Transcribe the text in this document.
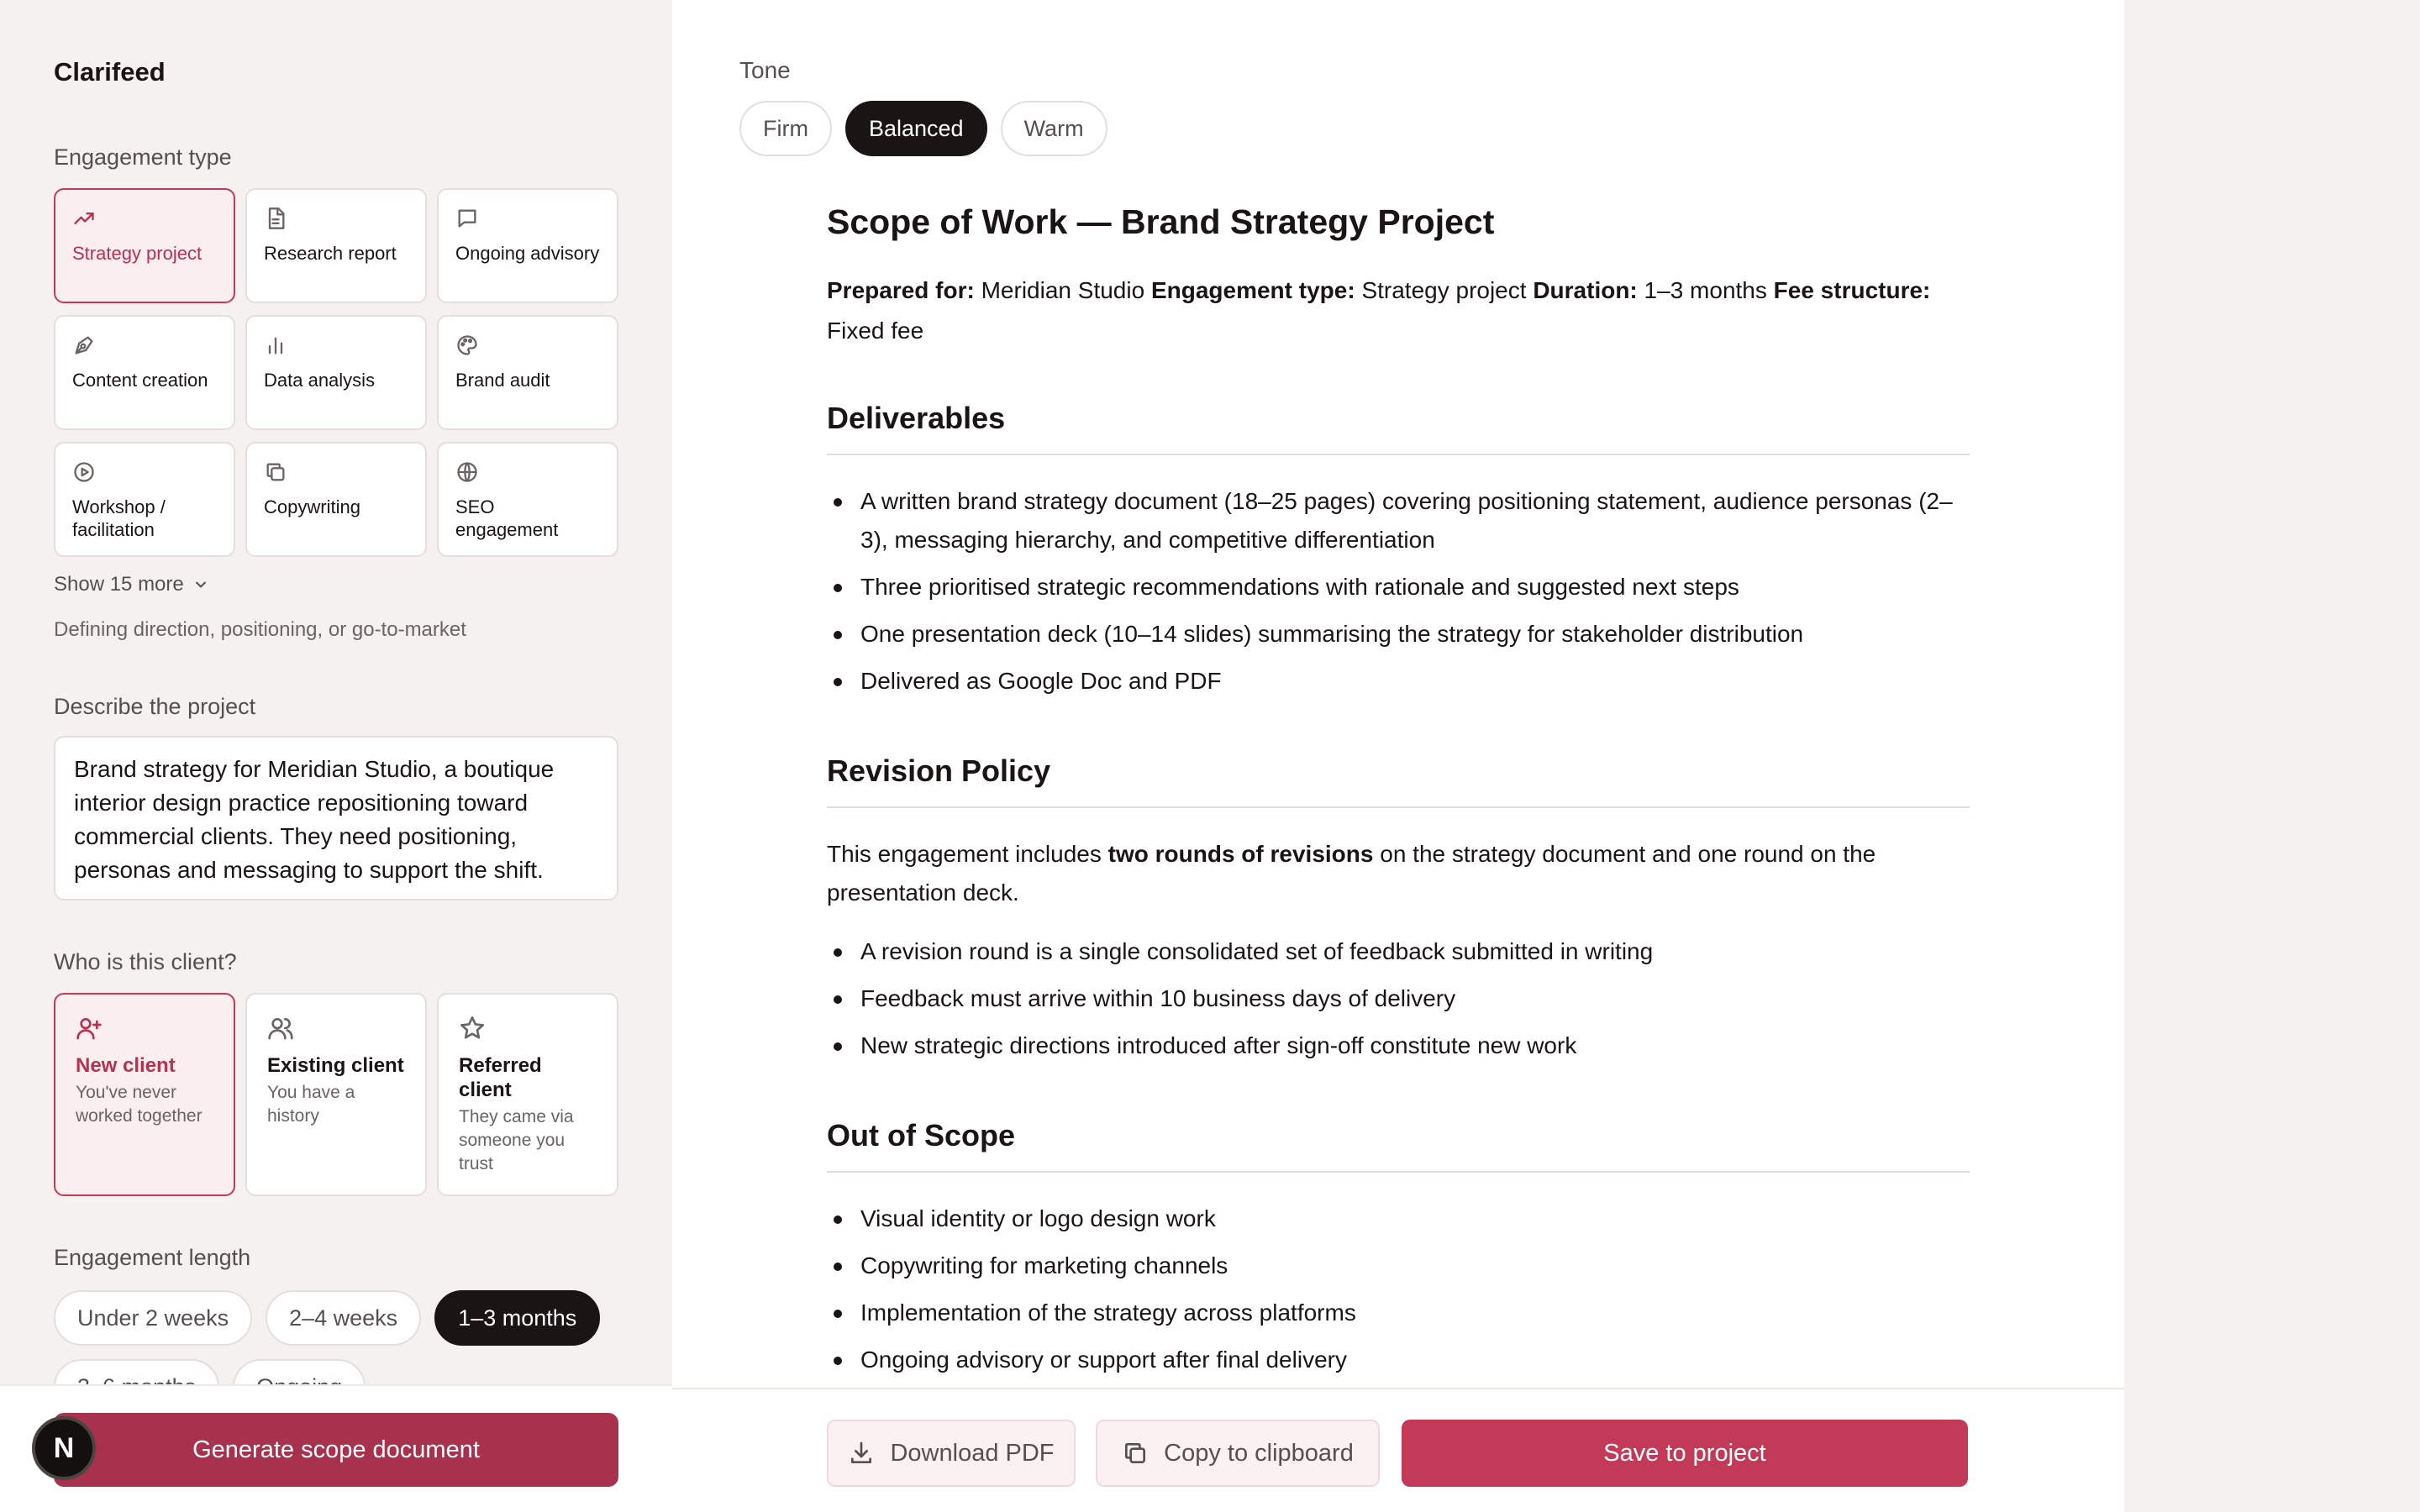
Clarifeed
Engagement type
Strategy project	Research report	Ongoing advisory
Content creation	Data analysis	Brand audit
Workshop / facilitation
Copywriting	SEO engagement
Show 15 more
Defining direction, positioning, or go-to-market
Describe the project
Brand strategy for Meridian Studio, a boutique interior design practice repositioning toward commercial clients. They need positioning, personas and messaging to support the shift.
Who is this client?
New client
You've never worked together
Existing client
You have a history
Referred client
They came via someone you trust
Engagement length
Under 2 weeks	2–4 weeks	1–3 months
Generate scope document
N
Tone
Firm	Balanced	Warm
Scope of Work — Brand Strategy Project
Prepared for: Meridian Studio Engagement type: Strategy project Duration: 1–3 months Fee structure: Fixed fee
Deliverables
A written brand strategy document (18–25 pages) covering positioning statement, audience personas (2–3), messaging hierarchy, and competitive differentiation
Three prioritised strategic recommendations with rationale and suggested next steps
One presentation deck (10–14 slides) summarising the strategy for stakeholder distribution
Delivered as Google Doc and PDF
Revision Policy

This engagement includes two rounds of revisions on the strategy document and one round on the presentation deck.

A revision round is a single consolidated set of feedback submitted in writing
Feedback must arrive within 10 business days of delivery
New strategic directions introduced after sign-off constitute new work
Out of Scope
Visual identity or logo design work
Copywriting for marketing channels
Implementation of the strategy across platforms
Ongoing advisory or support after final delivery
Download PDF	Copy to clipboard	Save to project
